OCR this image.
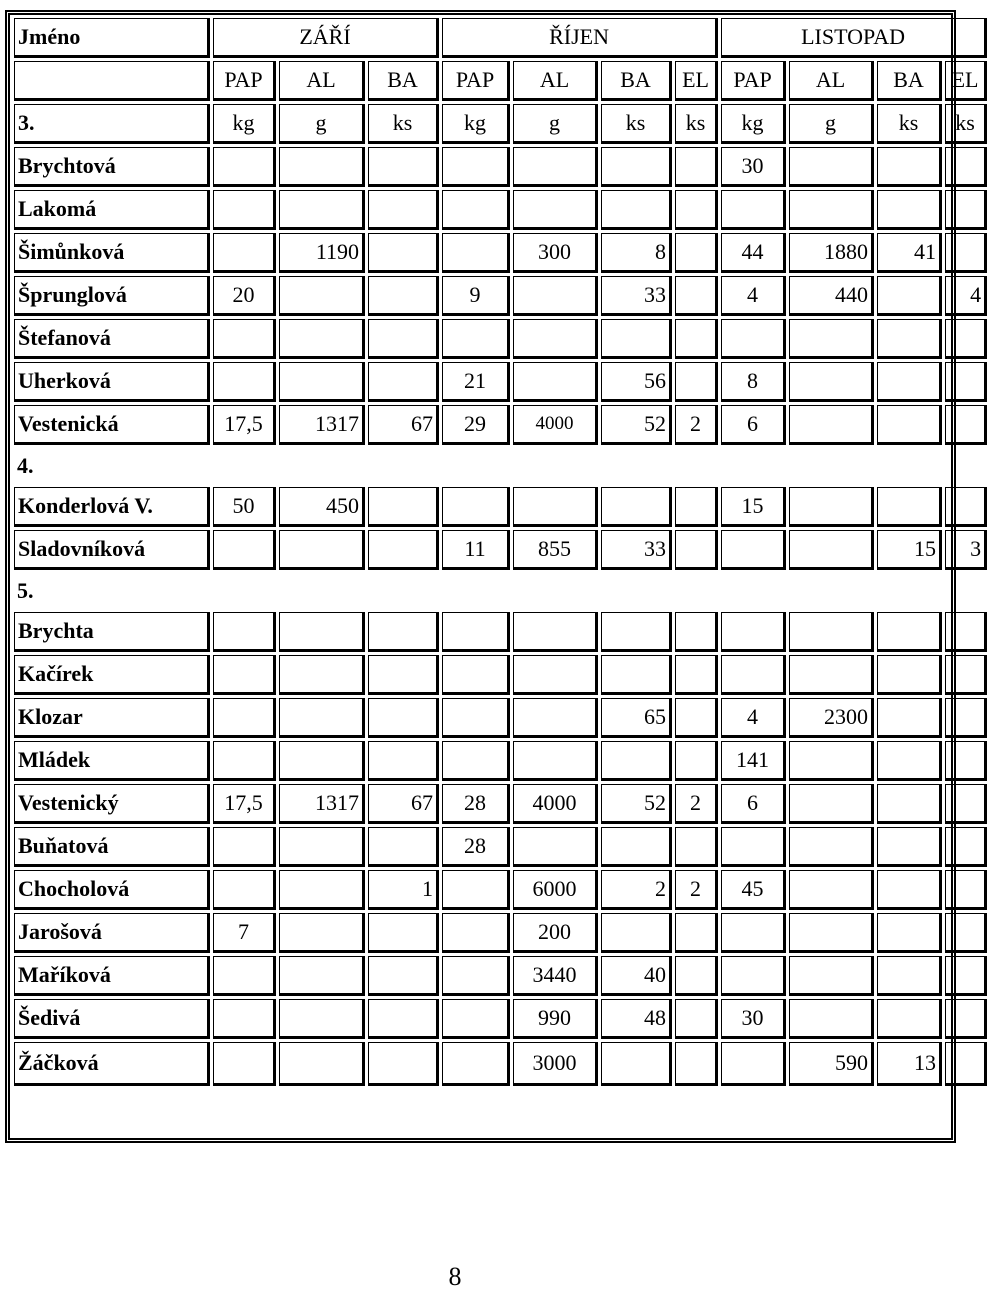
Jméno	ZÁŘÍ			ŘÍJEN				LISTOPAD			
	PAP	AL	BA	PAP	AL	BA	EL	PAP	AL	BA	EL
3.	kg	g	ks	kg	g	ks	ks	kg	g	ks	ks
Brychtová								30			
Lakomá											
Šimůnková		1190			300	8		44	1880	41	
Šprunglová	20			9		33		4	440		4
Štefanová											
Uherková				21		56		8			
Vestenická	17,5	1317	67	29	4000	52	2	6			
4.											
Konderlová V.	50	450						15			
Sladovníková				11	855	33				15	3
5.											
Brychta											
Kačírek											
Klozar						65		4	2300		
Mládek								141			
Vestenický	17,5	1317	67	28	4000	52	2	6			
Buňatová				28							
Chocholová			1		6000	2	2	45			
Jarošová	7				200						
Maříková					3440	40					
Šedivá					990	48		30			
Žáčková					3000				590	13	
8
